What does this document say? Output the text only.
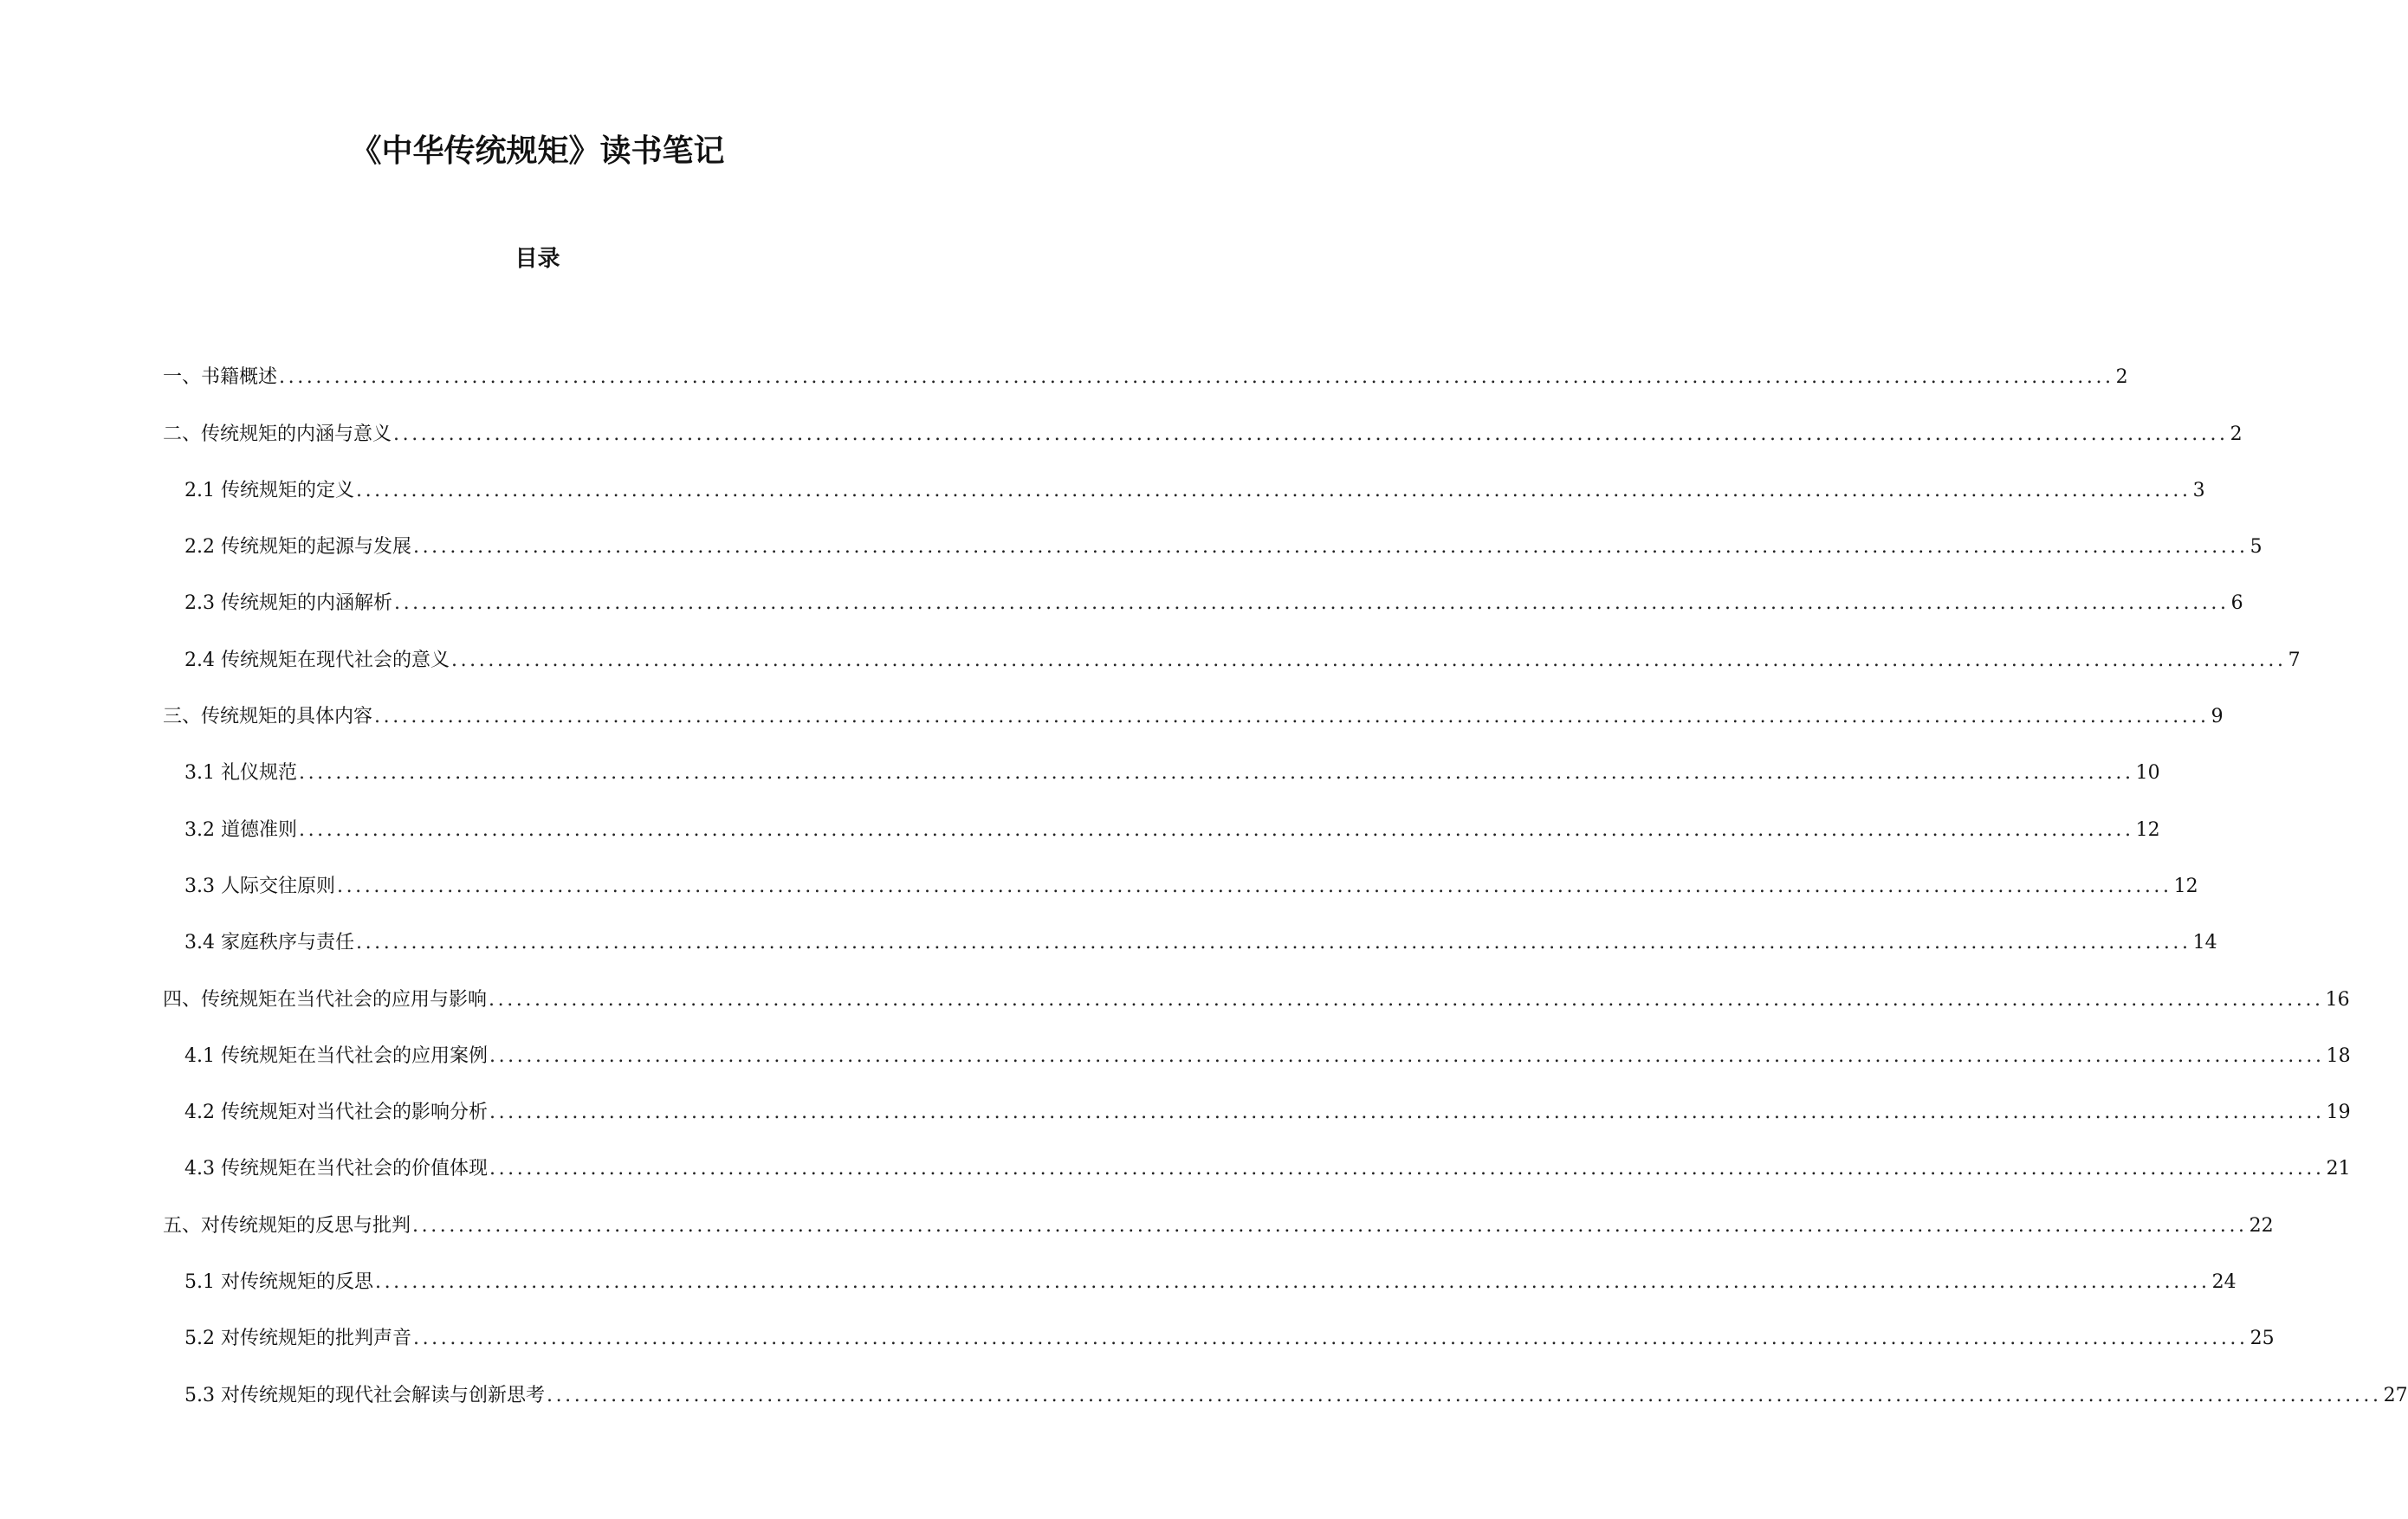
《中华传统规矩》读书笔记
目录
一、书籍概述 ........................................................................................................................................................................................................ 2
二、传统规矩的内涵与意义 ........................................................................................................................................................................................................ 2
2.1 传统规矩的定义 ........................................................................................................................................................................................................ 3
2.2 传统规矩的起源与发展 ........................................................................................................................................................................................................ 5
2.3 传统规矩的内涵解析 ........................................................................................................................................................................................................ 6
2.4 传统规矩在现代社会的意义 ........................................................................................................................................................................................................ 7
三、传统规矩的具体内容 ........................................................................................................................................................................................................ 9
3.1 礼仪规范 ........................................................................................................................................................................................................ 10
3.2 道德准则 ........................................................................................................................................................................................................ 12
3.3 人际交往原则 ........................................................................................................................................................................................................ 12
3.4 家庭秩序与责任 ........................................................................................................................................................................................................ 14
四、传统规矩在当代社会的应用与影响 ........................................................................................................................................................................................................ 16
4.1 传统规矩在当代社会的应用案例 ........................................................................................................................................................................................................ 18
4.2 传统规矩对当代社会的影响分析 ........................................................................................................................................................................................................ 19
4.3 传统规矩在当代社会的价值体现 ........................................................................................................................................................................................................ 21
五、对传统规矩的反思与批判 ........................................................................................................................................................................................................ 22
5.1 对传统规矩的反思 ........................................................................................................................................................................................................ 24
5.2 对传统规矩的批判声音 ........................................................................................................................................................................................................ 25
5.3 对传统规矩的现代社会解读与创新思考 ........................................................................................................................................................................................................ 27
